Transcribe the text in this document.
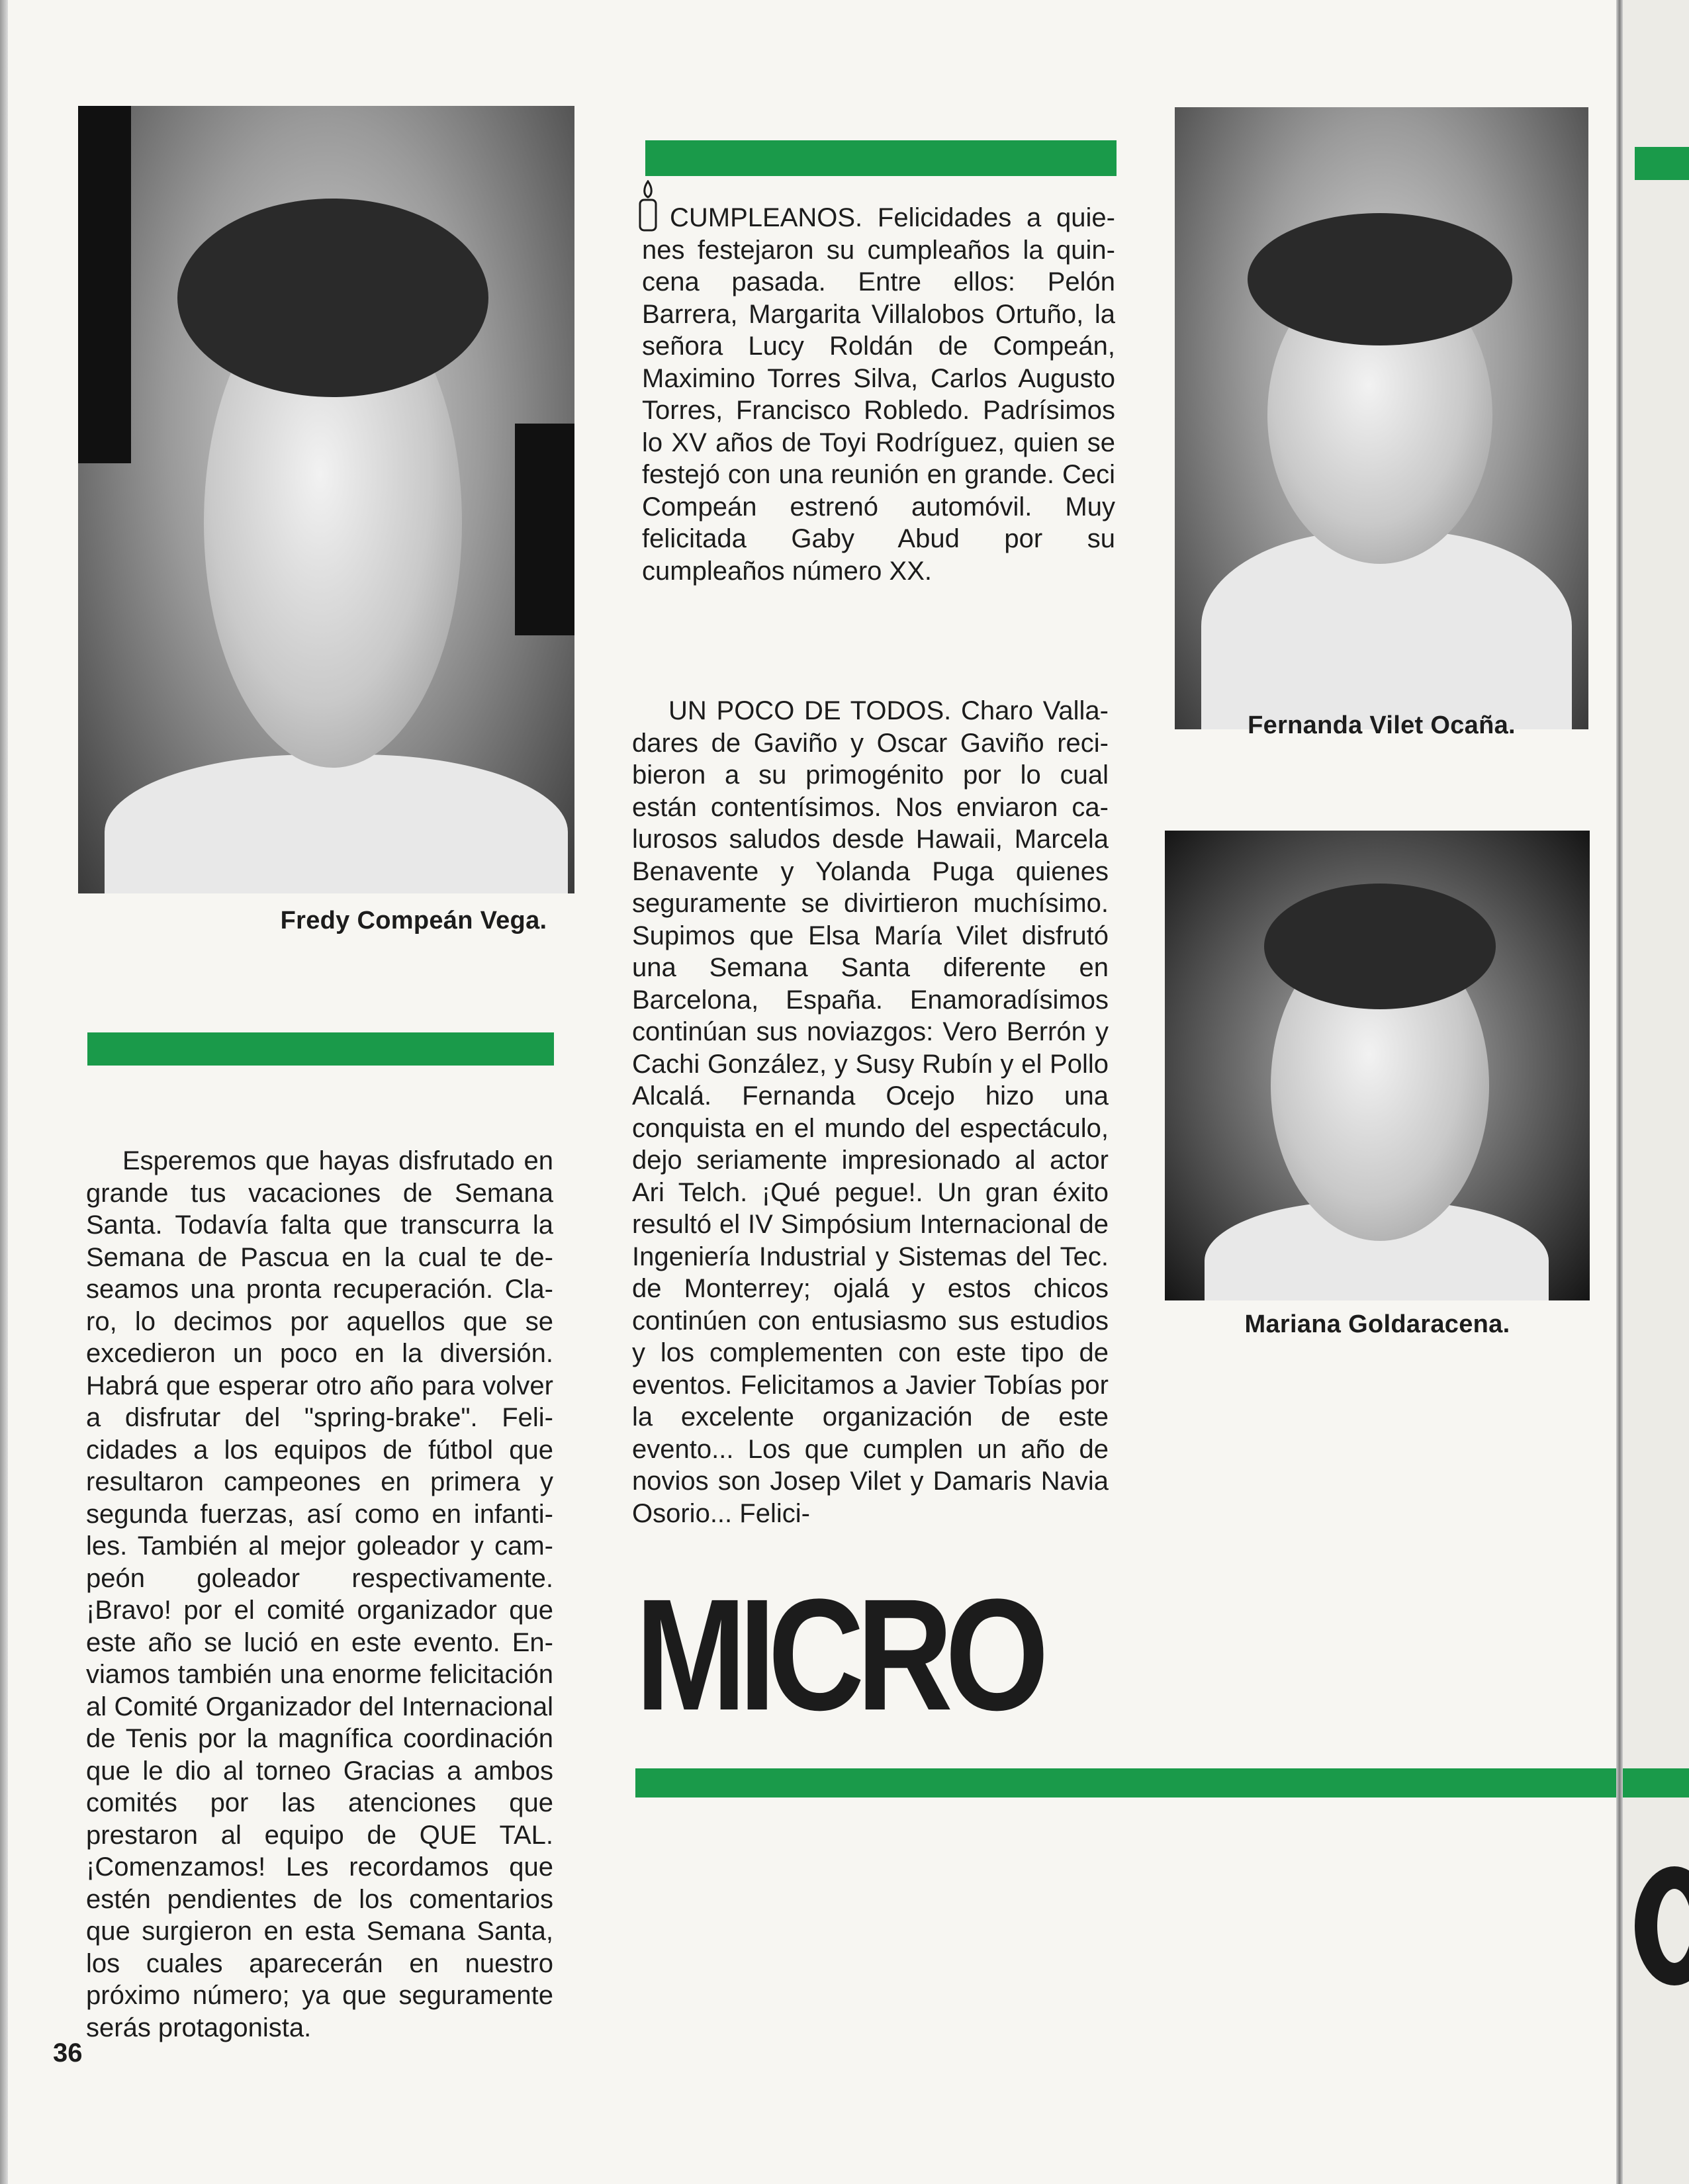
Fredy Compeán Vega.
CUMPLEANOS. Felicidades a quienes festejaron su cumpleaños la quincena pasada. Entre ellos: Pelón Barrera, Margarita Villalobos Ortuño, la señora Lucy Roldán de Compeán, Maximino Torres Silva, Carlos Augusto Torres, Francisco Robledo. Padrísimos lo XV años de Toyi Rodríguez, quien se festejó con una reunión en grande. Ceci Compeán estrenó automóvil. Muy felicitada Gaby Abud por su cumpleaños número XX.
Fernanda Vilet Ocaña.
Mariana Goldaracena.
UN POCO DE TODOS. Charo Valladares de Gaviño y Oscar Gaviño recibieron a su primogénito por lo cual están contentísimos. Nos enviaron calurosos saludos desde Hawaii, Marcela Benavente y Yolanda Puga quienes seguramente se divirtieron muchísimo. Supimos que Elsa María Vilet disfrutó una Semana Santa diferente en Barcelona, España. Enamoradísimos continúan sus noviazgos: Vero Berrón y Cachi González, y Susy Rubín y el Pollo Alcalá. Fernanda Ocejo hizo una conquista en el mundo del espectáculo, dejo seriamente impresionado al actor Ari Telch. ¡Qué pegue!. Un gran éxito resultó el IV Simpósium Internacional de Ingeniería Industrial y Sistemas del Tec. de Monterrey; ojalá y estos chicos continúen con entusiasmo sus estudios y los complementen con este tipo de eventos. Felicitamos a Javier Tobías por la excelente organización de este evento... Los que cumplen un año de novios son Josep Vilet y Damaris Navia Osorio... Felici-
Esperemos que hayas disfrutado en grande tus vacaciones de Semana Santa. Todavía falta que transcurra la Semana de Pascua en la cual te deseamos una pronta recuperación. Claro, lo decimos por aquellos que se excedieron un poco en la diversión. Habrá que esperar otro año para volver a disfrutar del "spring-brake". Felicidades a los equipos de fútbol que resultaron campeones en primera y segunda fuerzas, así como en infantiles. También al mejor goleador y campeón goleador respectivamente. ¡Bravo! por el comité organizador que este año se lució en este evento. Enviamos también una enorme felicitación al Comité Organizador del Internacional de Tenis por la magnífica coordinación que le dio al torneo Gracias a ambos comités por las atenciones que prestaron al equipo de QUE TAL. ¡Comenzamos! Les recordamos que estén pendientes de los comentarios que surgieron en esta Semana Santa, los cuales aparecerán en nuestro próximo número; ya que seguramente serás protagonista.
MICRO
36
